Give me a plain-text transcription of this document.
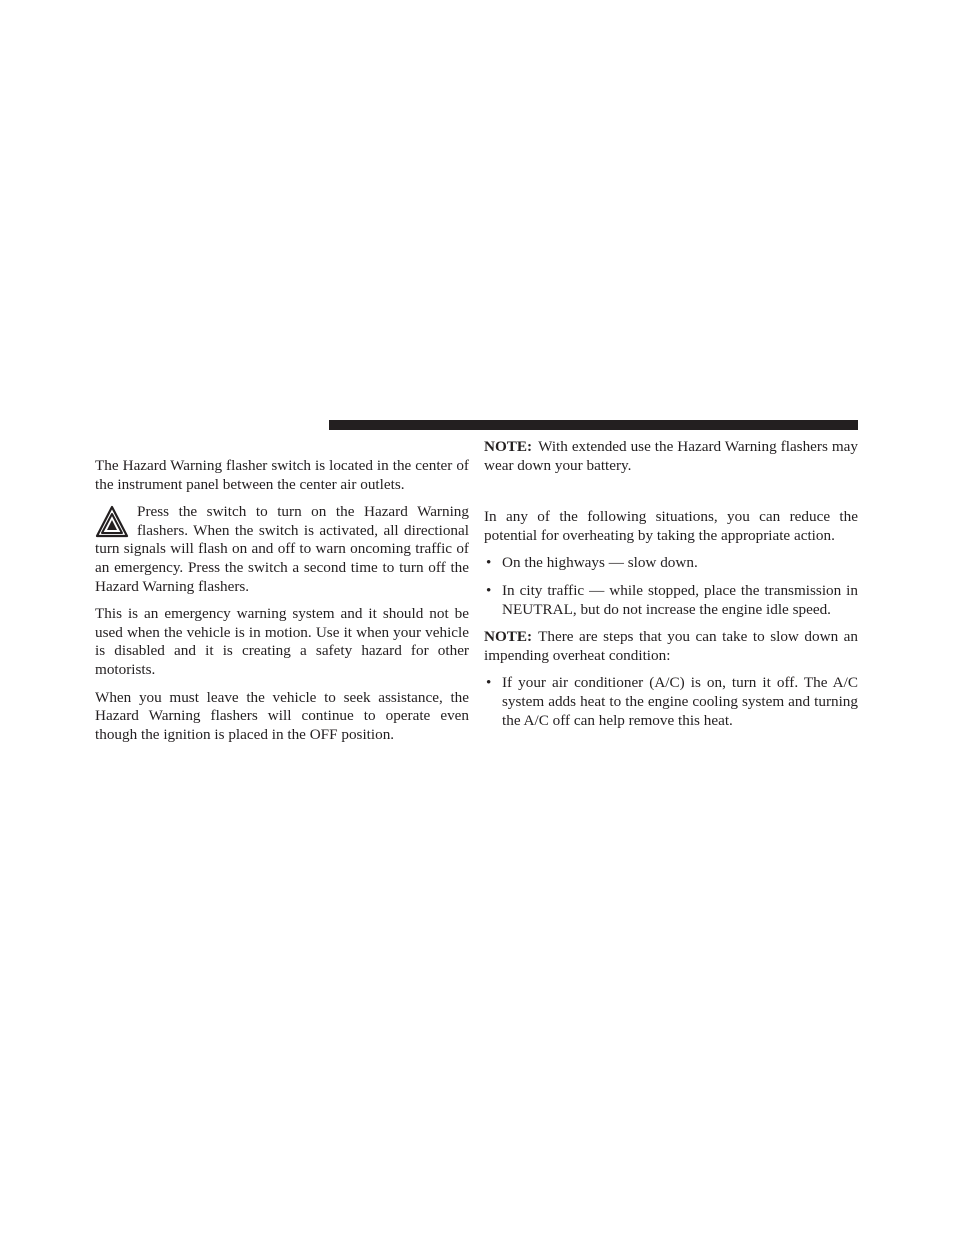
The Hazard Warning flasher switch is located in the center of the instrument panel between the center air outlets.

Press the switch to turn on the Hazard Warning flashers. When the switch is activated, all directional turn signals will flash on and off to warn oncoming traffic of an emergency. Press the switch a second time to turn off the Hazard Warning flashers.

This is an emergency warning system and it should not be used when the vehicle is in motion. Use it when your vehicle is disabled and it is creating a safety hazard for other motorists.

When you must leave the vehicle to seek assistance, the Hazard Warning flashers will continue to operate even though the ignition is placed in the OFF position.

NOTE: With extended use the Hazard Warning flashers may wear down your battery.

In any of the following situations, you can reduce the potential for overheating by taking the appropriate action.

• On the highways — slow down.
• In city traffic — while stopped, place the transmission in NEUTRAL, but do not increase the engine idle speed.

NOTE: There are steps that you can take to slow down an impending overheat condition:

• If your air conditioner (A/C) is on, turn it off. The A/C system adds heat to the engine cooling system and turning the A/C off can help remove this heat.
